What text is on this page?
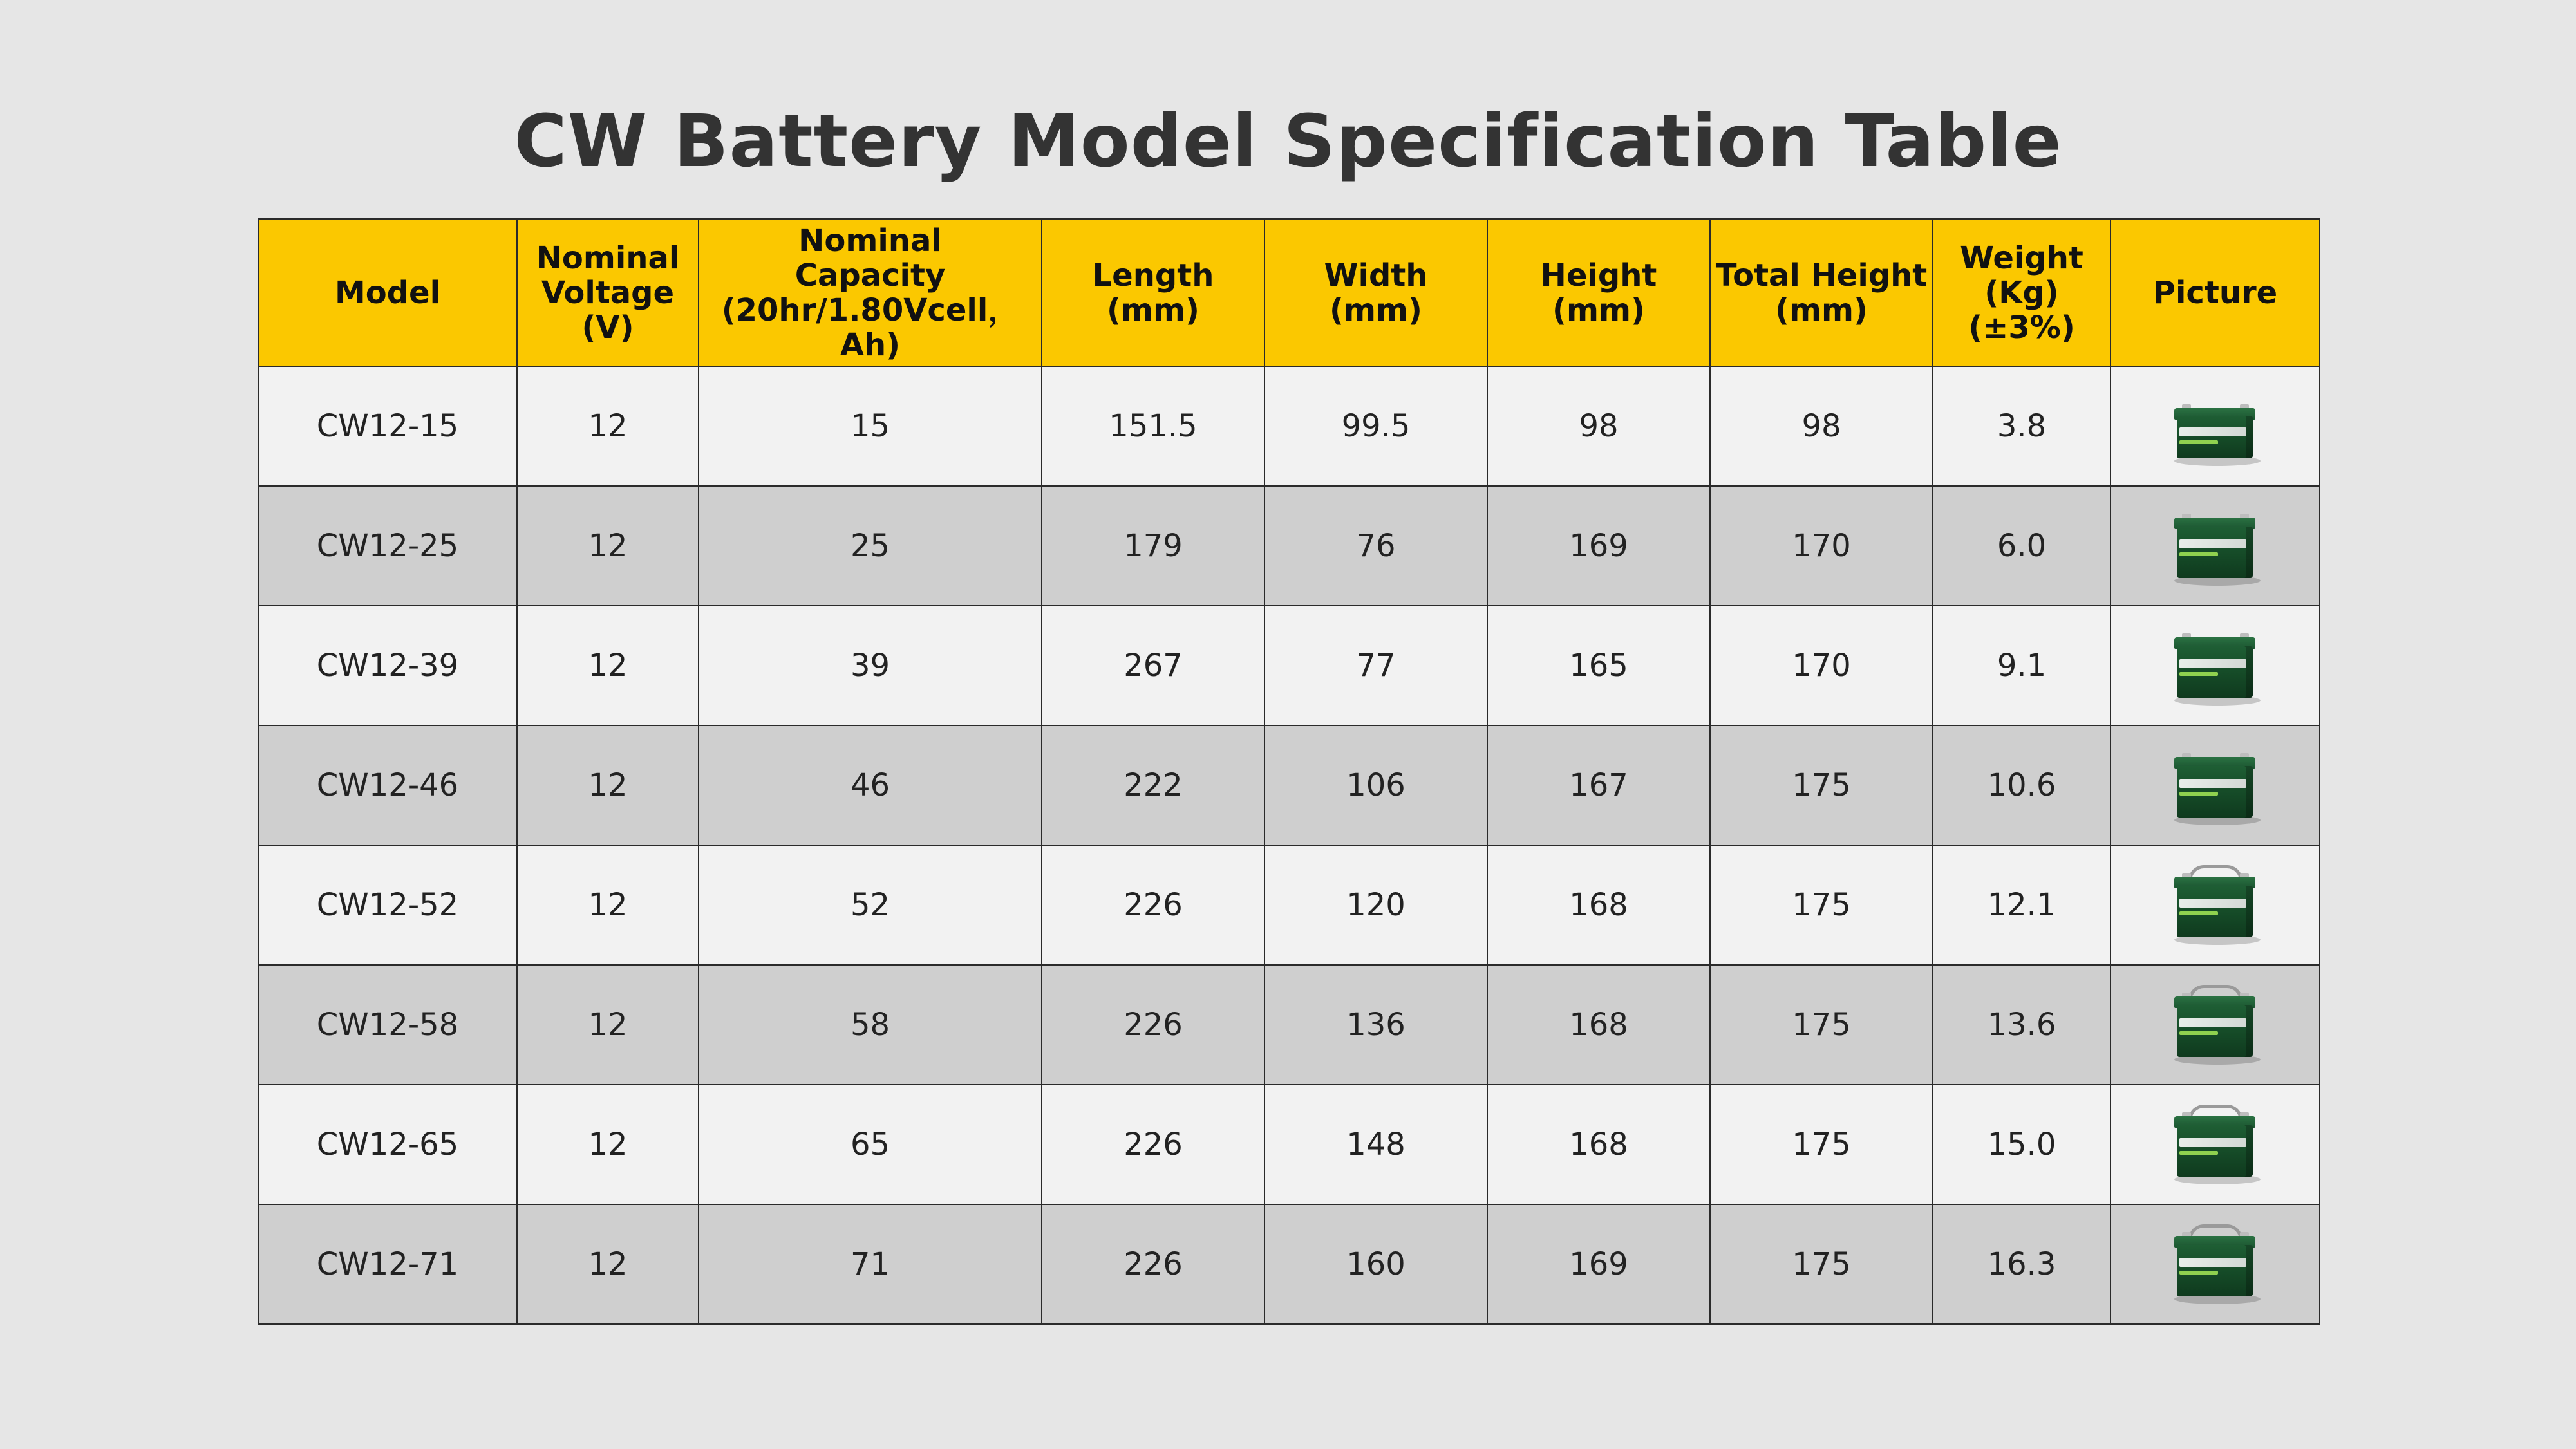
CW Battery Model Specification Table
Model	Nominal
Voltage
(V)	Nominal
Capacity
(20hr/1.80Vcell，Ah)	Length
(mm)	Width
(mm)	Height
(mm)	Total Height
(mm)	Weight
(Kg)(±3%)	Picture

CW12-15	12	15	151.5	99.5	98	98	3.8	

CW12-25	12	25	179	76	169	170	6.0	

CW12-39	12	39	267	77	165	170	9.1	

CW12-46	12	46	222	106	167	175	10.6	

CW12-52	12	52	226	120	168	175	12.1	

CW12-58	12	58	226	136	168	175	13.6	

CW12-65	12	65	226	148	168	175	15.0	

CW12-71	12	71	226	160	169	175	16.3	
